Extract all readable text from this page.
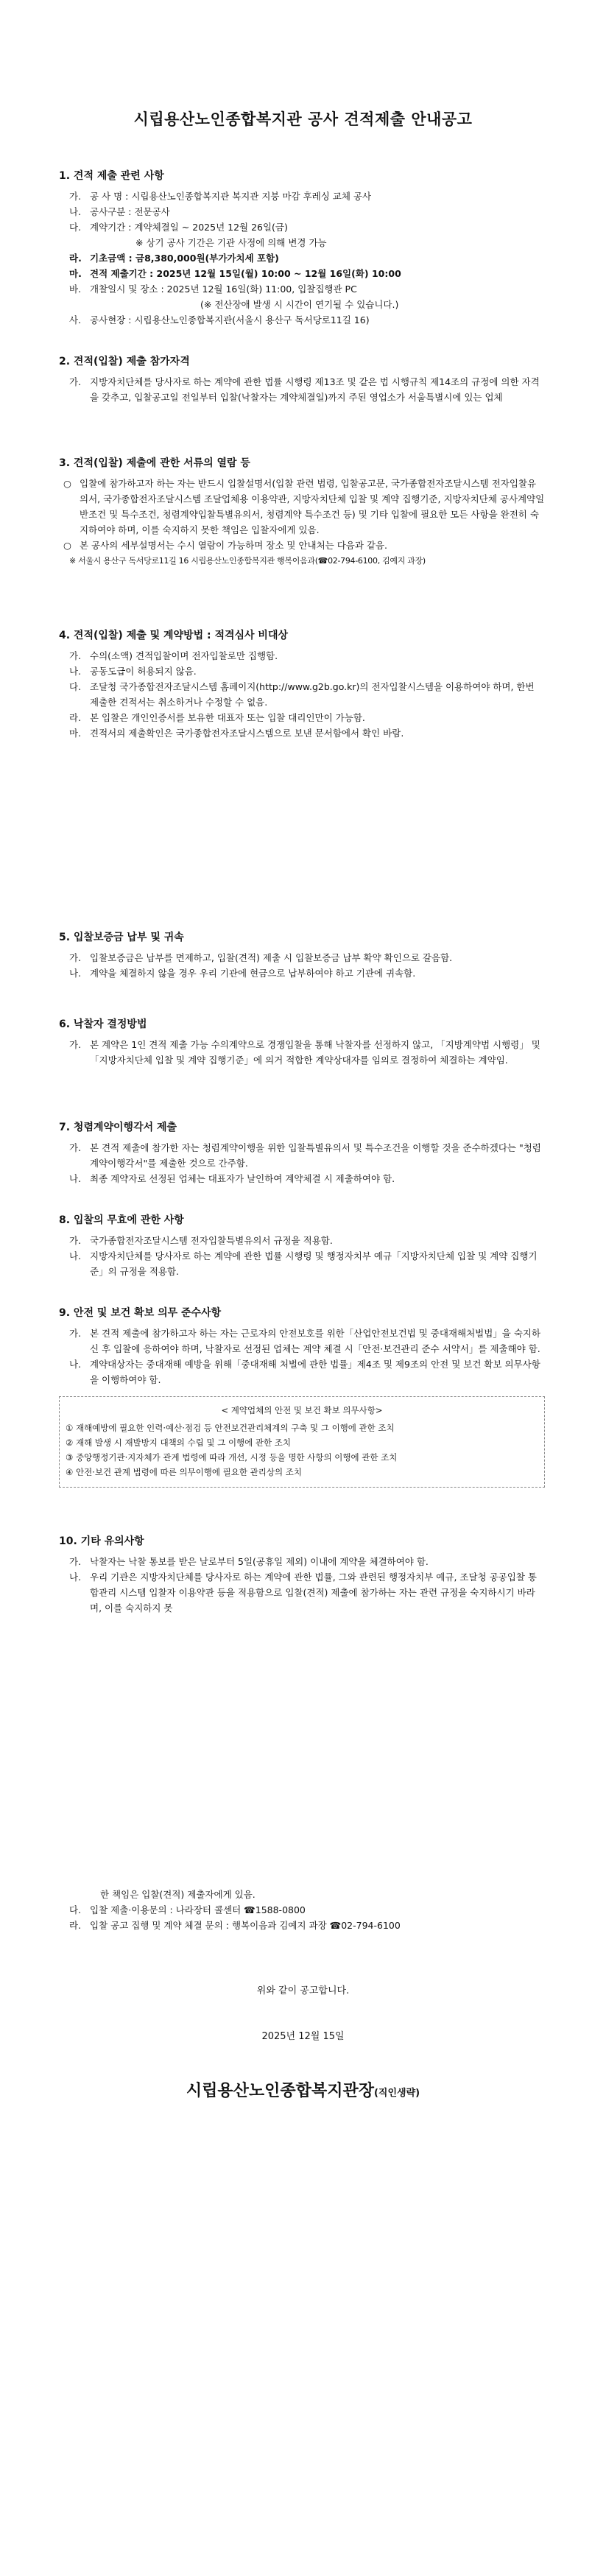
시립용산노인종합복지관 공사 견적제출 안내공고
1. 견적 제출 관련 사항
가. 공 사 명 : 시립용산노인종합복지관 복지관 지붕 마감 후레싱 교체 공사
나. 공사구분 : 전문공사
다. 계약기간 : 계약체결일 ~ 2025년 12월 26일(금)
※ 상기 공사 기간은 기관 사정에 의해 변경 가능
라. 기초금액 : 금8,380,000원(부가가치세 포함)
마. 견적 제출기간 : 2025년 12월 15일(월) 10:00 ~ 12월 16일(화) 10:00
바. 개찰일시 및 장소 : 2025년 12월 16일(화) 11:00, 입찰집행관 PC
(※ 전산장애 발생 시 시간이 연기될 수 있습니다.)
사. 공사현장 : 시립용산노인종합복지관(서울시 용산구 독서당로11길 16)
2. 견적(입찰) 제출 참가자격
가. 지방자치단체를 당사자로 하는 계약에 관한 법률 시행령 제13조 및 같은 법 시행규칙 제14조의 규정에 의한 자격을 갖추고, 입찰공고일 전일부터 입찰(낙찰자는 계약체결일)까지 주된 영업소가 서울특별시에 있는 업체
3. 견적(입찰) 제출에 관한 서류의 열람 등
○ 입찰에 참가하고자 하는 자는 반드시 입찰설명서(입찰 관련 법령, 입찰공고문, 국가종합전자조달시스템 전자입찰유의서, 국가종합전자조달시스템 조달업체용 이용약관, 지방자치단체 입찰 및 계약 집행기준, 지방자치단체 공사계약일반조건 및 특수조건, 청렴계약입찰특별유의서, 청렴계약 특수조건 등) 및 기타 입찰에 필요한 모든 사항을 완전히 숙지하여야 하며, 이를 숙지하지 못한 책임은 입찰자에게 있음.
○ 본 공사의 세부설명서는 수시 열람이 가능하며 장소 및 안내처는 다음과 같음.
※ 서울시 용산구 독서당로11길 16 시립용산노인종합복지관 행복이음과(☎02-794-6100, 김예지 과장)
4. 견적(입찰) 제출 및 계약방법 : 적격심사 비대상
가. 수의(소액) 견적입찰이며 전자입찰로만 집행함.
나. 공동도급이 허용되지 않음.
다. 조달청 국가종합전자조달시스템 홈페이지(http://www.g2b.go.kr)의 전자입찰시스템을 이용하여야 하며, 한번 제출한 견적서는 취소하거나 수정할 수 없음.
라. 본 입찰은 개인인증서를 보유한 대표자 또는 입찰 대리인만이 가능함.
마. 견적서의 제출확인은 국가종합전자조달시스템으로 보낸 문서함에서 확인 바람.
5. 입찰보증금 납부 및 귀속
가. 입찰보증금은 납부를 면제하고, 입찰(견적) 제출 시 입찰보증금 납부 확약 확인으로 갈음함.
나. 계약을 체결하지 않을 경우 우리 기관에 현금으로 납부하여야 하고 기관에 귀속함.
6. 낙찰자 결정방법
가. 본 계약은 1인 견적 제출 가능 수의계약으로 경쟁입찰을 통해 낙찰자를 선정하지 않고, 「지방계약법 시행령」 및 「지방자치단체 입찰 및 계약 집행기준」에 의거 적합한 계약상대자를 임의로 결정하여 체결하는 계약임.
7. 청렴계약이행각서 제출
가. 본 견적 제출에 참가한 자는 청렴계약이행을 위한 입찰특별유의서 및 특수조건을 이행할 것을 준수하겠다는 "청렴계약이행각서"를 제출한 것으로 간주함.
나. 최종 계약자로 선정된 업체는 대표자가 날인하여 계약체결 시 제출하여야 함.
8. 입찰의 무효에 관한 사항
가. 국가종합전자조달시스템 전자입찰특별유의서 규정을 적용함.
나. 지방자치단체를 당사자로 하는 계약에 관한 법률 시행령 및 행정자치부 예규「지방자치단체 입찰 및 계약 집행기준」의 규정을 적용함.
9. 안전 및 보건 확보 의무 준수사항
가. 본 견적 제출에 참가하고자 하는 자는 근로자의 안전보호를 위한「산업안전보건법 및 중대재해처벌법」을 숙지하신 후 입찰에 응하여야 하며, 낙찰자로 선정된 업체는 계약 체결 시「안전·보건관리 준수 서약서」를 제출해야 함.
나. 계약대상자는 중대재해 예방을 위해「중대재해 처벌에 관한 법률」제4조 및 제9조의 안전 및 보건 확보 의무사항을 이행하여야 함.
< 계약업체의 안전 및 보건 확보 의무사항>
① 재해예방에 필요한 인력·예산·점검 등 안전보건관리체계의 구축 및 그 이행에 관한 조치
② 재해 발생 시 재발방지 대책의 수립 및 그 이행에 관한 조치
③ 중앙행정기관·지자체가 관계 법령에 따라 개선, 시정 등을 명한 사항의 이행에 관한 조치
④ 안전·보건 관계 법령에 따른 의무이행에 필요한 관리상의 조치
10. 기타 유의사항
가. 낙찰자는 낙찰 통보를 받은 날로부터 5일(공휴일 제외) 이내에 계약을 체결하여야 함.
나. 우리 기관은 지방자치단체를 당사자로 하는 계약에 관한 법률, 그와 관련된 행정자치부 예규, 조달청 공공입찰 통합관리 시스템 입찰자 이용약관 등을 적용함으로 입찰(견적) 제출에 참가하는 자는 관련 규정을 숙지하시기 바라며, 이를 숙지하지 못
한 책임은 입찰(견적) 제출자에게 있음.
다. 입찰 제출·이용문의 : 나라장터 콜센터 ☎1588-0800
라. 입찰 공고 집행 및 계약 체결 문의 : 행복이음과 김예지 과장 ☎02-794-6100
위와 같이 공고합니다.
2025년 12월 15일
시립용산노인종합복지관장(직인생략)
